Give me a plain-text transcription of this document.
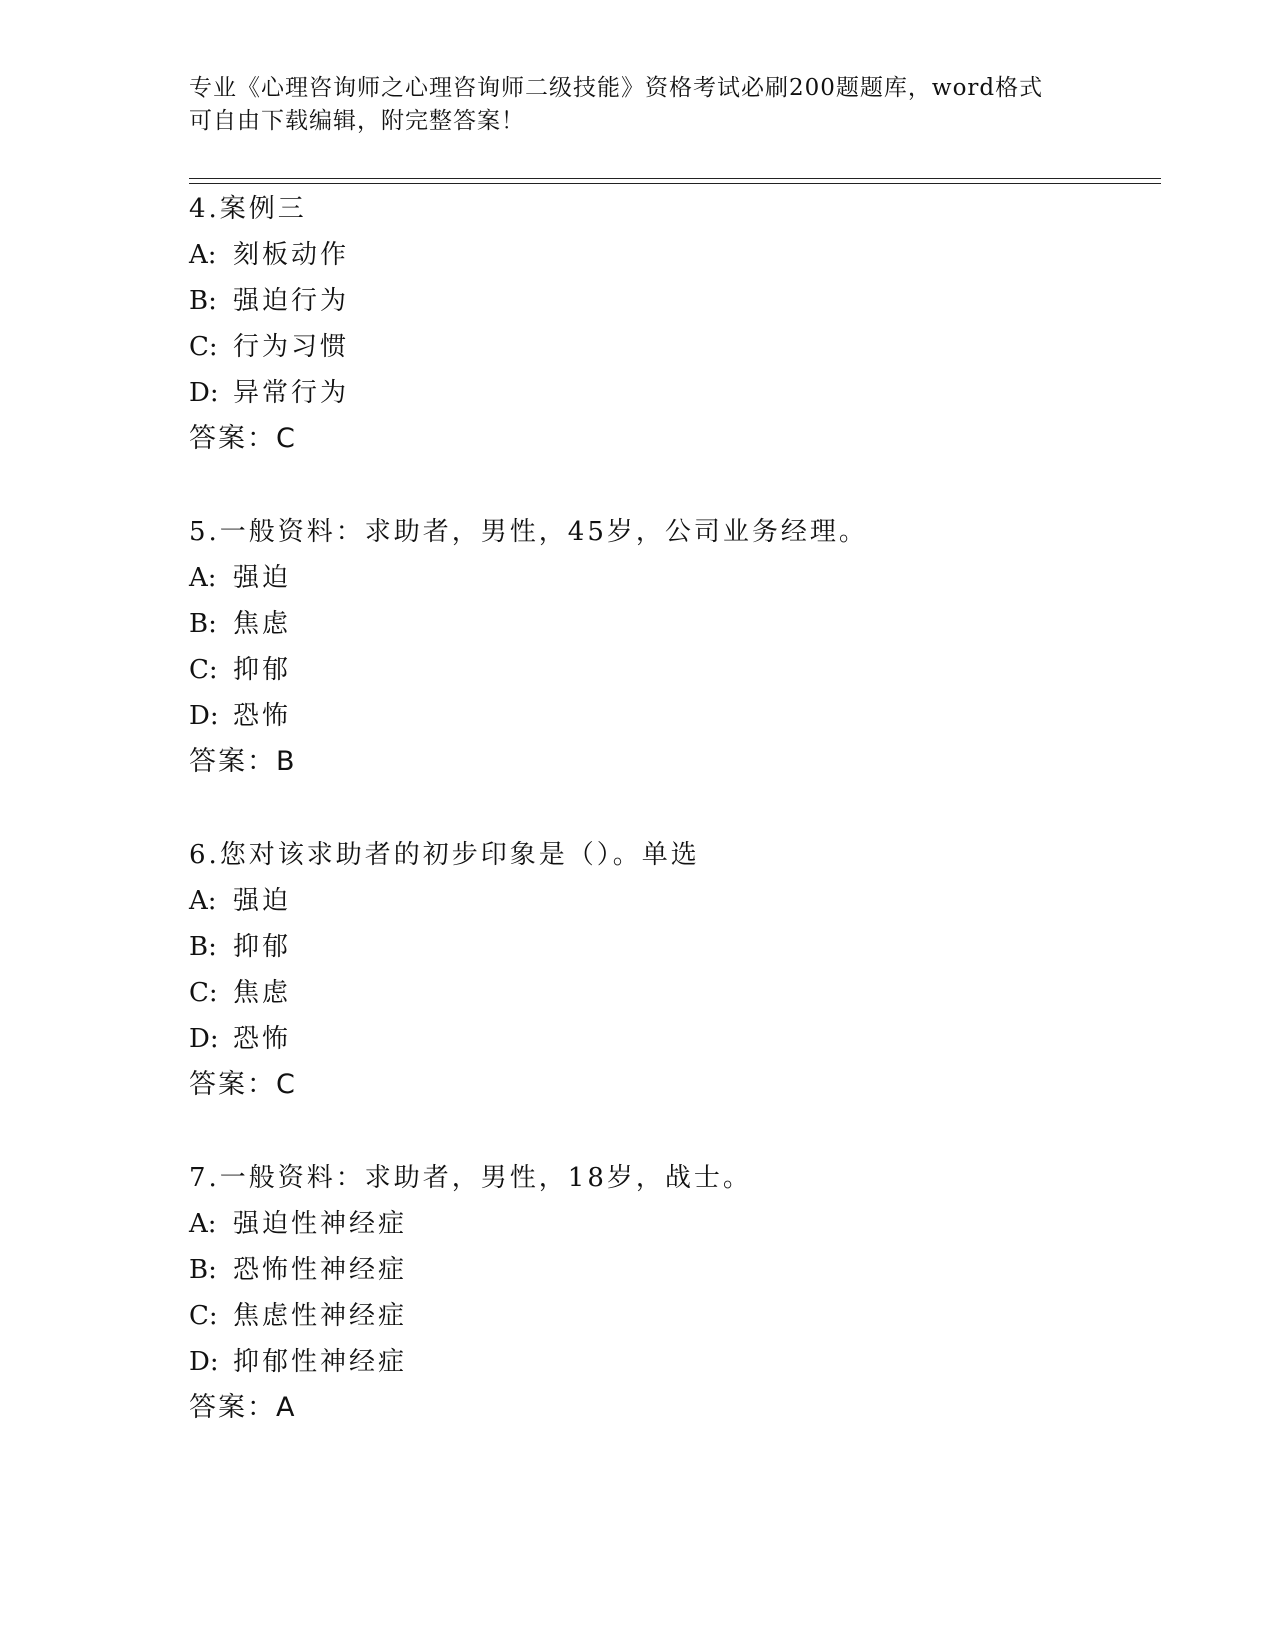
专业《心理咨询师之心理咨询师二级技能》资格考试必刷200题题库，word格式
可自由下载编辑，附完整答案！
4.案例三
A: 刻板动作
B: 强迫行为
C: 行为习惯
D: 异常行为
答案：C
5.一般资料：求助者，男性，45岁，公司业务经理。
A: 强迫
B: 焦虑
C: 抑郁
D: 恐怖
答案：B
6.您对该求助者的初步印象是（）。单选
A: 强迫
B: 抑郁
C: 焦虑
D: 恐怖
答案：C
7.一般资料：求助者，男性，18岁，战士。
A: 强迫性神经症
B: 恐怖性神经症
C: 焦虑性神经症
D: 抑郁性神经症
答案：A
